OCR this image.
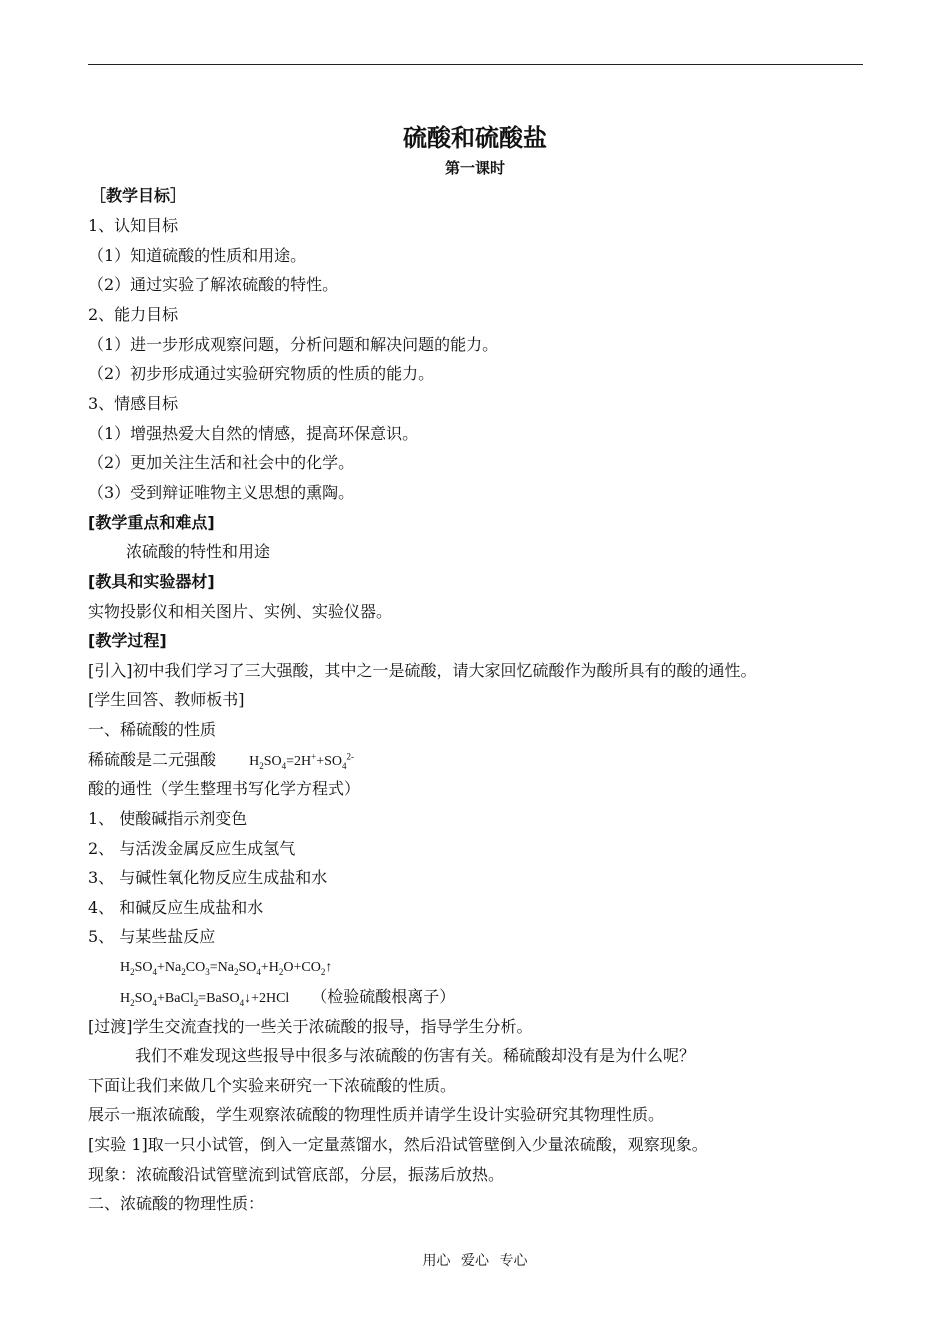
硫酸和硫酸盐
第一课时
［教学目标］
1、认知目标
（1）知道硫酸的性质和用途。
（2）通过实验了解浓硫酸的特性。
2、能力目标
（1）进一步形成观察问题，分析问题和解决问题的能力。
（2）初步形成通过实验研究物质的性质的能力。
3、情感目标
（1）增强热爱大自然的情感，提高环保意识。
（2）更加关注生活和社会中的化学。
（3）受到辩证唯物主义思想的熏陶。
[教学重点和难点]
浓硫酸的特性和用途
[教具和实验器材]
实物投影仪和相关图片、实例、实验仪器。
[教学过程]
[引入]初中我们学习了三大强酸，其中之一是硫酸，请大家回忆硫酸作为酸所具有的酸的通性。
[学生回答、教师板书]
一、稀硫酸的性质
稀硫酸是二元强酸 $H_2SO_4=2H^++SO_4^{2-}$
酸的通性（学生整理书写化学方程式）
1、 使酸碱指示剂变色
2、 与活泼金属反应生成氢气
3、 与碱性氧化物反应生成盐和水
4、 和碱反应生成盐和水
5、 与某些盐反应
$H_2SO_4+Na_2CO_3=Na_2SO_4+H_2O+CO_2↑$
$H_2SO_4+BaCl_2=BaSO_4↓+2HCl$ （检验硫酸根离子）
[过渡]学生交流查找的一些关于浓硫酸的报导，指导学生分析。
我们不难发现这些报导中很多与浓硫酸的伤害有关。稀硫酸却没有是为什么呢？
下面让我们来做几个实验来研究一下浓硫酸的性质。
展示一瓶浓硫酸，学生观察浓硫酸的物理性质并请学生设计实验研究其物理性质。
[实验 1]取一只小试管，倒入一定量蒸馏水，然后沿试管壁倒入少量浓硫酸，观察现象。
现象：浓硫酸沿试管壁流到试管底部，分层，振荡后放热。
二、浓硫酸的物理性质：
用心 爱心 专心
